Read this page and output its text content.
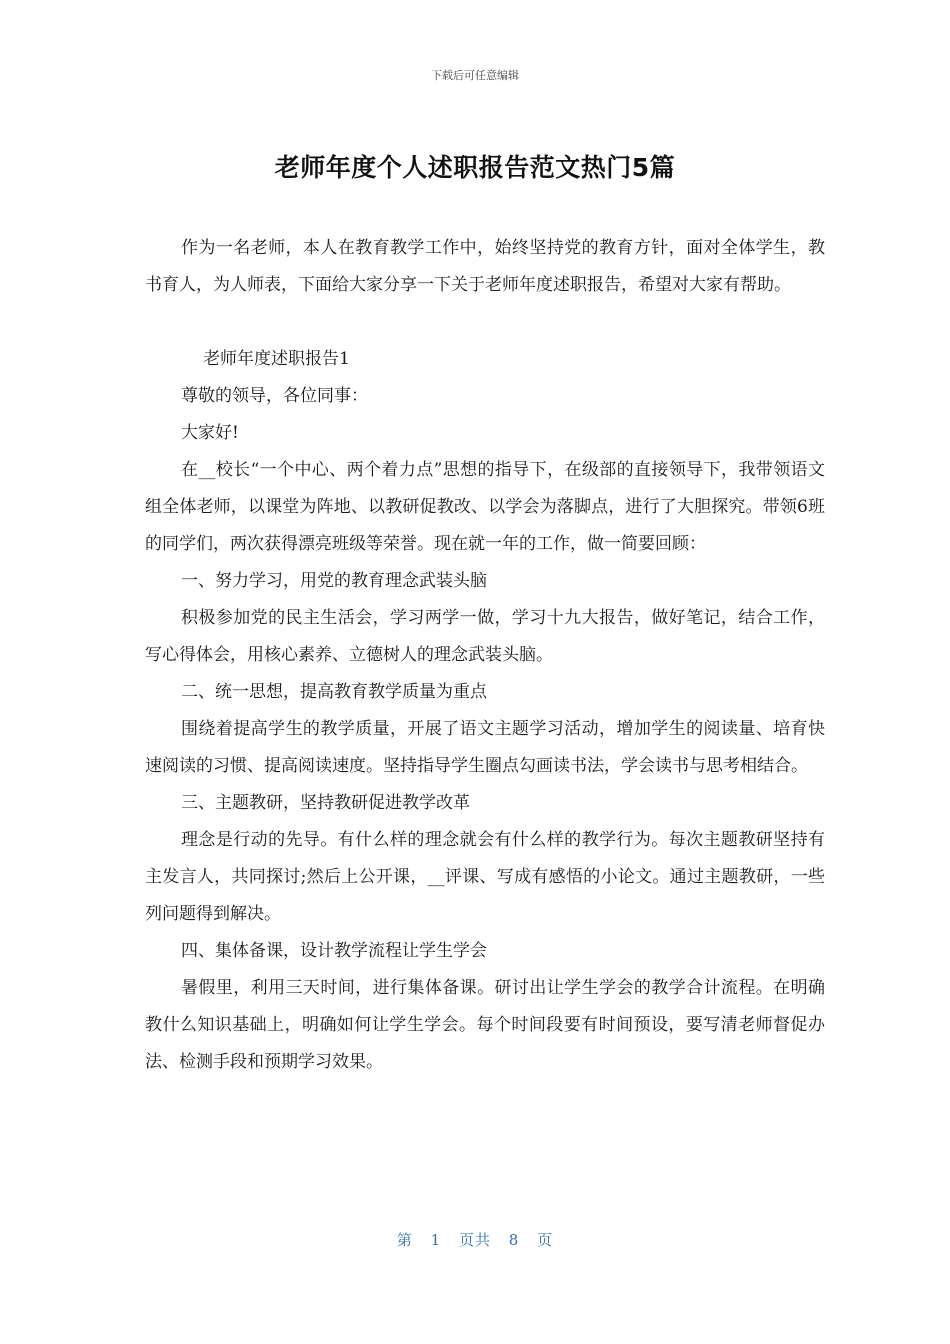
下载后可任意编辑
老师年度个人述职报告范文热门5篇

作为一名老师，本人在教育教学工作中，始终坚持党的教育方针，面对全体学生，教书育人，为人师表，下面给大家分享一下关于老师年度述职报告，希望对大家有帮助。

老师年度述职报告1

尊敬的领导，各位同事：

大家好!

在__校长“一个中心、两个着力点”思想的指导下，在级部的直接领导下，我带领语文组全体老师，以课堂为阵地、以教研促教改、以学会为落脚点，进行了大胆探究。带领6班的同学们，两次获得漂亮班级等荣誉。现在就一年的工作，做一简要回顾：

一、努力学习，用党的教育理念武装头脑

积极参加党的民主生活会，学习两学一做，学习十九大报告，做好笔记，结合工作，写心得体会，用核心素养、立德树人的理念武装头脑。

二、统一思想，提高教育教学质量为重点

围绕着提高学生的教学质量，开展了语文主题学习活动，增加学生的阅读量、培育快速阅读的习惯、提高阅读速度。坚持指导学生圈点勾画读书法，学会读书与思考相结合。

三、主题教研，坚持教研促进教学改革

理念是行动的先导。有什么样的理念就会有什么样的教学行为。每次主题教研坚持有主发言人，共同探讨;然后上公开课，__评课、写成有感悟的小论文。通过主题教研，一些列问题得到解决。

四、集体备课，设计教学流程让学生学会

暑假里，利用三天时间，进行集体备课。研讨出让学生学会的教学合计流程。在明确教什么知识基础上，明确如何让学生学会。每个时间段要有时间预设，要写清老师督促办法、检测手段和预期学习效果。

第 1 页共 8 页
